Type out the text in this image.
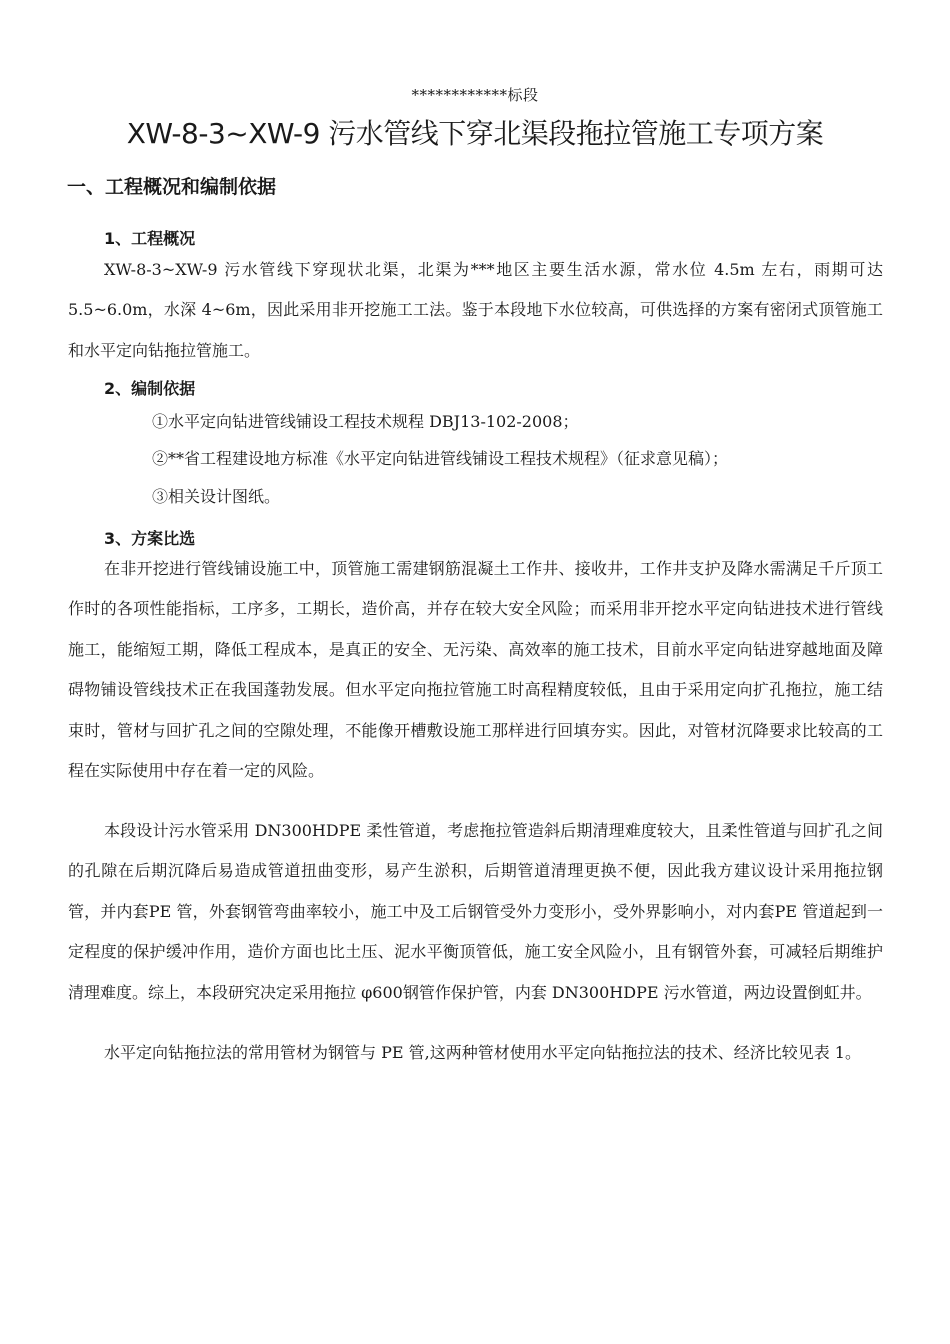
************标段
XW-8-3~XW-9 污水管线下穿北渠段拖拉管施工专项方案
一、工程概况和编制依据
1、工程概况
XW-8-3~XW-9 污水管线下穿现状北渠，北渠为***地区主要生活水源，常水位 4.5m 左右，雨期可达 5.5~6.0m，水深 4~6m，因此采用非开挖施工工法。鉴于本段地下水位较高，可供选择的方案有密闭式顶管施工和水平定向钻拖拉管施工。
2、编制依据
①水平定向钻进管线铺设工程技术规程 DBJ13-102-2008；
②**省工程建设地方标准《水平定向钻进管线铺设工程技术规程》（征求意见稿）；
③相关设计图纸。
3、方案比选
在非开挖进行管线铺设施工中，顶管施工需建钢筋混凝土工作井、接收井，工作井支护及降水需满足千斤顶工作时的各项性能指标，工序多，工期长，造价高，并存在较大安全风险；而采用非开挖水平定向钻进技术进行管线施工，能缩短工期，降低工程成本，是真正的安全、无污染、高效率的施工技术，目前水平定向钻进穿越地面及障碍物铺设管线技术正在我国蓬勃发展。但水平定向拖拉管施工时高程精度较低，且由于采用定向扩孔拖拉，施工结束时，管材与回扩孔之间的空隙处理，不能像开槽敷设施工那样进行回填夯实。因此，对管材沉降要求比较高的工程在实际使用中存在着一定的风险。
本段设计污水管采用 DN300HDPE 柔性管道，考虑拖拉管造斜后期清理难度较大，且柔性管道与回扩孔之间的孔隙在后期沉降后易造成管道扭曲变形，易产生淤积，后期管道清理更换不便，因此我方建议设计采用拖拉钢管，并内套PE 管，外套钢管弯曲率较小，施工中及工后钢管受外力变形小，受外界影响小，对内套PE 管道起到一定程度的保护缓冲作用，造价方面也比土压、泥水平衡顶管低，施工安全风险小，且有钢管外套，可减轻后期维护清理难度。综上，本段研究决定采用拖拉 φ600钢管作保护管，内套 DN300HDPE 污水管道，两边设置倒虹井。
水平定向钻拖拉法的常用管材为钢管与 PE 管,这两种管材使用水平定向钻拖拉法的技术、经济比较见表 1。
